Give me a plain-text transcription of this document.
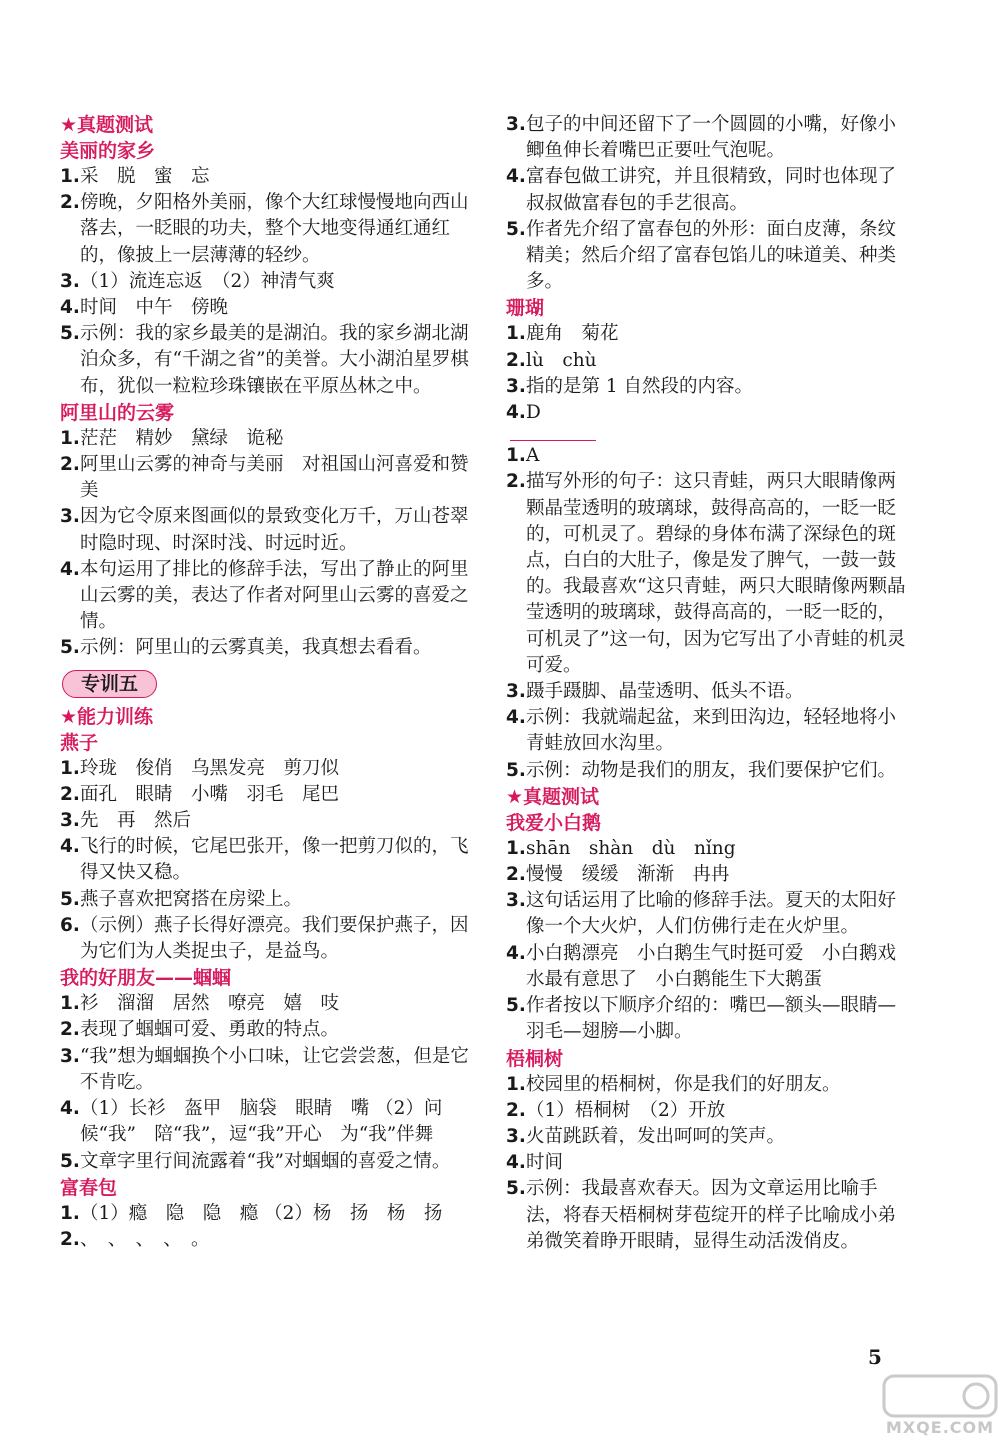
★真题测试
美丽的家乡
1. 采　脱　蜜　忘
2. 傍晚，夕阳格外美丽，像个大红球慢慢地向西山落去，一眨眼的功夫，整个大地变得通红通红的，像披上一层薄薄的轻纱。
3. （1）流连忘返　（2）神清气爽
4. 时间　中午　傍晚
5. 示例：我的家乡最美的是湖泊。我的家乡湖北湖泊众多，有“千湖之省”的美誉。大小湖泊星罗棋布，犹似一粒粒珍珠镶嵌在平原丛林之中。
阿里山的云雾
1. 茫茫　精妙　黛绿　诡秘
2. 阿里山云雾的神奇与美丽　对祖国山河喜爱和赞美
3. 因为它令原来图画似的景致变化万千，万山苍翠时隐时现、时深时浅、时远时近。
4. 本句运用了排比的修辞手法，写出了静止的阿里山云雾的美，表达了作者对阿里山云雾的喜爱之情。
5. 示例：阿里山的云雾真美，我真想去看看。
专训五
★能力训练
燕子
1. 玲珑　俊俏　乌黑发亮　剪刀似
2. 面孔　眼睛　小嘴　羽毛　尾巴
3. 先　再　然后
4. 飞行的时候，它尾巴张开，像一把剪刀似的，飞得又快又稳。
5. 燕子喜欢把窝搭在房梁上。
6. （示例）燕子长得好漂亮。我们要保护燕子，因为它们为人类捉虫子，是益鸟。
我的好朋友——蝈蝈
1. 衫　溜溜　居然　嘹亮　嬉　吱
2. 表现了蝈蝈可爱、勇敢的特点。
3. “我”想为蝈蝈换个小口味，让它尝尝葱，但是它不肯吃。
4. （1）长衫　盔甲　脑袋　眼睛　嘴 （2）问候“我”　陪“我”，逗“我”开心　为“我”伴舞
5. 文章字里行间流露着“我”对蝈蝈的喜爱之情。
富春包
1. （1）瘾　隐　隐　瘾 （2）杨　扬　杨　扬
2. 、　、　、　、　。
3. 包子的中间还留下了一个圆圆的小嘴，好像小鲫鱼伸长着嘴巴正要吐气泡呢。
4. 富春包做工讲究，并且很精致，同时也体现了叔叔做富春包的手艺很高。
5. 作者先介绍了富春包的外形：面白皮薄，条纹精美；然后介绍了富春包馅儿的味道美、种类多。
珊瑚
1. 鹿角　菊花
2. lù　chù
3. 指的是第 1 自然段的内容。
4. D
1. A
2. 描写外形的句子：这只青蛙，两只大眼睛像两颗晶莹透明的玻璃球，鼓得高高的，一眨一眨的，可机灵了。碧绿的身体布满了深绿色的斑点，白白的大肚子，像是发了脾气，一鼓一鼓的。我最喜欢“这只青蛙，两只大眼睛像两颗晶莹透明的玻璃球，鼓得高高的，一眨一眨的，可机灵了”这一句，因为它写出了小青蛙的机灵可爱。
3. 蹑手蹑脚、晶莹透明、低头不语。
4. 示例：我就端起盆，来到田沟边，轻轻地将小青蛙放回水沟里。
5. 示例：动物是我们的朋友，我们要保护它们。
★真题测试
我爱小白鹅
1. shān　shàn　dù　nǐng
2. 慢慢　缓缓　渐渐　冉冉
3. 这句话运用了比喻的修辞手法。夏天的太阳好像一个大火炉，人们仿佛行走在火炉里。
4. 小白鹅漂亮　小白鹅生气时挺可爱　小白鹅戏水最有意思了　小白鹅能生下大鹅蛋
5. 作者按以下顺序介绍的：嘴巴—额头—眼睛—羽毛—翅膀—小脚。
梧桐树
1. 校园里的梧桐树，你是我们的好朋友。
2. （1）梧桐树　（2）开放
3. 火苗跳跃着，发出呵呵的笑声。
4. 时间
5. 示例：我最喜欢春天。因为文章运用比喻手法，将春天梧桐树芽苞绽开的样子比喻成小弟弟微笑着睁开眼睛，显得生动活泼俏皮。
5
MXQE.COM
